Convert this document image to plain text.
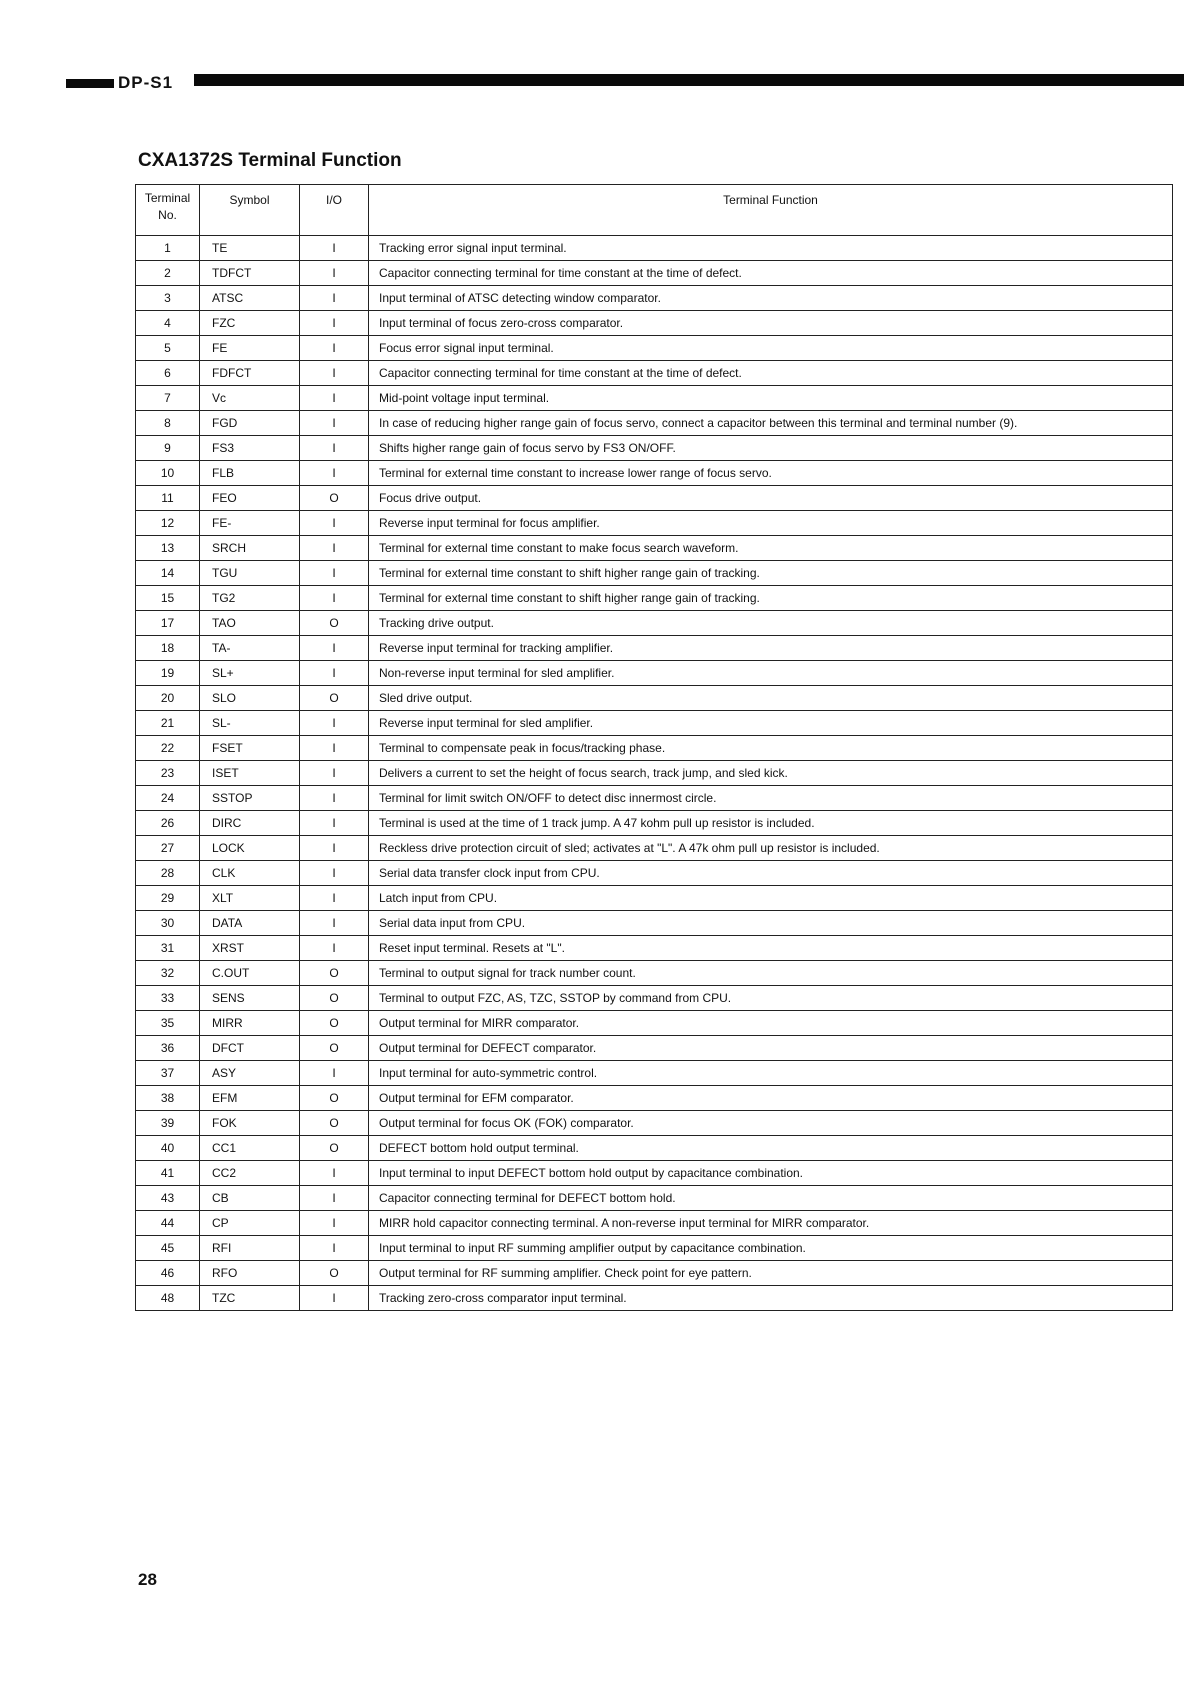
DP-S1
CXA1372S Terminal Function
Terminal No.	Symbol	I/O	Terminal Function
1	TE	I	Tracking error signal input terminal.
2	TDFCT	I	Capacitor connecting terminal for time constant at the time of defect.
3	ATSC	I	Input terminal of ATSC detecting window comparator.
4	FZC	I	Input terminal of focus zero-cross comparator.
5	FE	I	Focus error signal input terminal.
6	FDFCT	I	Capacitor connecting terminal for time constant at the time of defect.
7	Vc	I	Mid-point voltage input terminal.
8	FGD	I	In case of reducing higher range gain of focus servo, connect a capacitor between this terminal and terminal number (9).
9	FS3	I	Shifts higher range gain of focus servo by FS3 ON/OFF.
10	FLB	I	Terminal for external time constant to increase lower range of focus servo.
11	FEO	O	Focus drive output.
12	FE-	I	Reverse input terminal for focus amplifier.
13	SRCH	I	Terminal for external time constant to make focus search waveform.
14	TGU	I	Terminal for external time constant to shift higher range gain of tracking.
15	TG2	I	Terminal for external time constant to shift higher range gain of tracking.
17	TAO	O	Tracking drive output.
18	TA-	I	Reverse input terminal for tracking amplifier.
19	SL+	I	Non-reverse input terminal for sled amplifier.
20	SLO	O	Sled drive output.
21	SL-	I	Reverse input terminal for sled amplifier.
22	FSET	I	Terminal to compensate peak in focus/tracking phase.
23	ISET	I	Delivers a current to set the height of focus search, track jump, and sled kick.
24	SSTOP	I	Terminal for limit switch ON/OFF to detect disc innermost circle.
26	DIRC	I	Terminal is used at the time of 1 track jump. A 47 kohm pull up resistor is included.
27	LOCK	I	Reckless drive protection circuit of sled; activates at "L". A 47k ohm pull up resistor is included.
28	CLK	I	Serial data transfer clock input from CPU.
29	XLT	I	Latch input from CPU.
30	DATA	I	Serial data input from CPU.
31	XRST	I	Reset input terminal. Resets at "L".
32	C.OUT	O	Terminal to output signal for track number count.
33	SENS	O	Terminal to output FZC, AS, TZC, SSTOP by command from CPU.
35	MIRR	O	Output terminal for MIRR comparator.
36	DFCT	O	Output terminal for DEFECT comparator.
37	ASY	I	Input terminal for auto-symmetric control.
38	EFM	O	Output terminal for EFM comparator.
39	FOK	O	Output terminal for focus OK (FOK) comparator.
40	CC1	O	DEFECT bottom hold output terminal.
41	CC2	I	Input terminal to input DEFECT bottom hold output by capacitance combination.
43	CB	I	Capacitor connecting terminal for DEFECT bottom hold.
44	CP	I	MIRR hold capacitor connecting terminal. A non-reverse input terminal for MIRR comparator.
45	RFI	I	Input terminal to input RF summing amplifier output by capacitance combination.
46	RFO	O	Output terminal for RF summing amplifier. Check point for eye pattern.
48	TZC	I	Tracking zero-cross comparator input terminal.
28
